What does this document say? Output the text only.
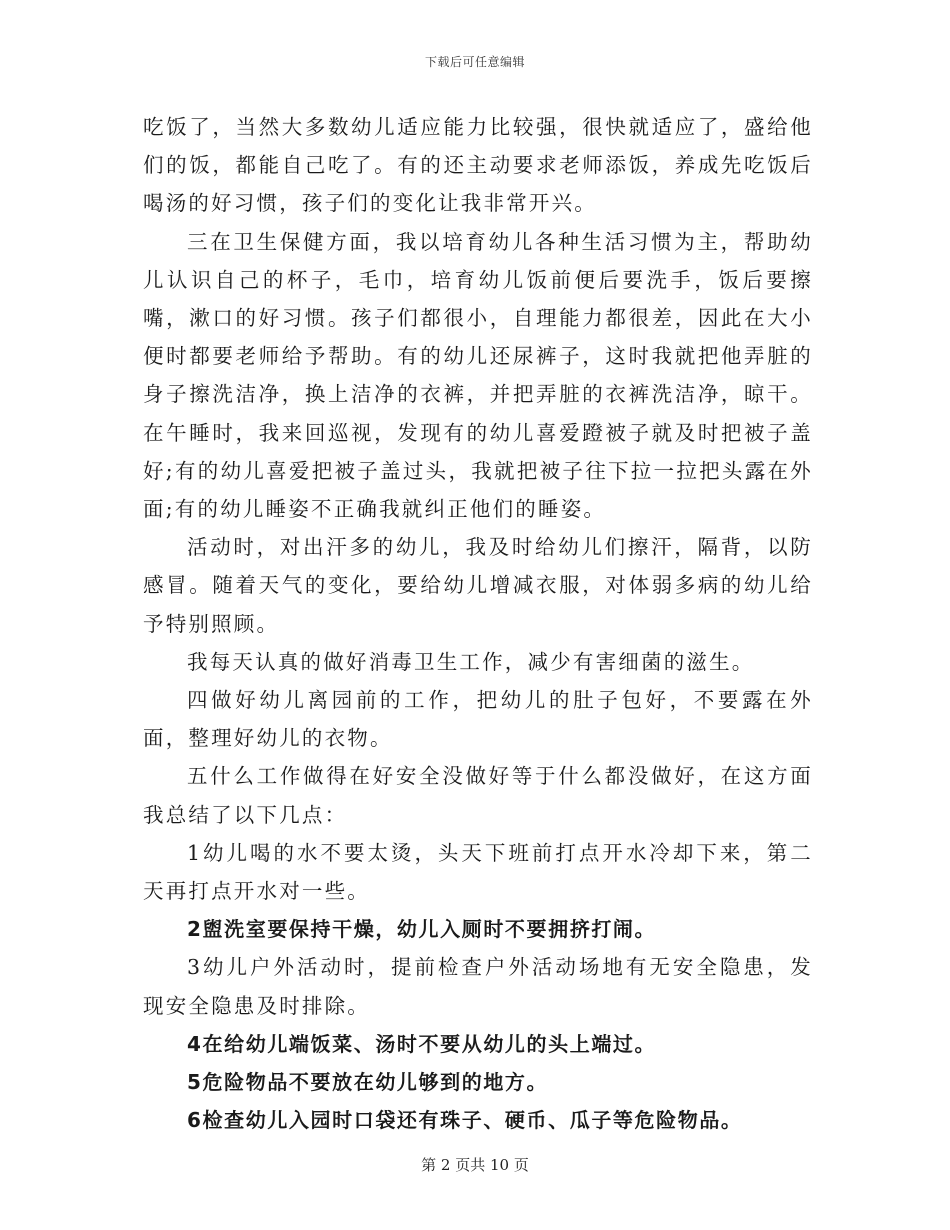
下载后可任意编辑

吃饭了，当然大多数幼儿适应能力比较强，很快就适应了，盛给他们的饭，都能自己吃了。有的还主动要求老师添饭，养成先吃饭后喝汤的好习惯，孩子们的变化让我非常开兴。

三在卫生保健方面，我以培育幼儿各种生活习惯为主，帮助幼儿认识自己的杯子，毛巾，培育幼儿饭前便后要洗手，饭后要擦嘴，漱口的好习惯。孩子们都很小，自理能力都很差，因此在大小便时都要老师给予帮助。有的幼儿还尿裤子，这时我就把他弄脏的身子擦洗洁净，换上洁净的衣裤，并把弄脏的衣裤洗洁净，晾干。在午睡时，我来回巡视，发现有的幼儿喜爱蹬被子就及时把被子盖好;有的幼儿喜爱把被子盖过头，我就把被子往下拉一拉把头露在外面;有的幼儿睡姿不正确我就纠正他们的睡姿。

活动时，对出汗多的幼儿，我及时给幼儿们擦汗，隔背，以防感冒。随着天气的变化，要给幼儿增减衣服，对体弱多病的幼儿给予特别照顾。

我每天认真的做好消毒卫生工作，减少有害细菌的滋生。

四做好幼儿离园前的工作，把幼儿的肚子包好，不要露在外面，整理好幼儿的衣物。

五什么工作做得在好安全没做好等于什么都没做好，在这方面我总结了以下几点：

1幼儿喝的水不要太烫，头天下班前打点开水冷却下来，第二天再打点开水对一些。

2盥洗室要保持干燥，幼儿入厕时不要拥挤打闹。

3幼儿户外活动时，提前检查户外活动场地有无安全隐患，发现安全隐患及时排除。

4在给幼儿端饭菜、汤时不要从幼儿的头上端过。

5危险物品不要放在幼儿够到的地方。

6检查幼儿入园时口袋还有珠子、硬币、瓜子等危险物品。

第 2 页共 10 页
